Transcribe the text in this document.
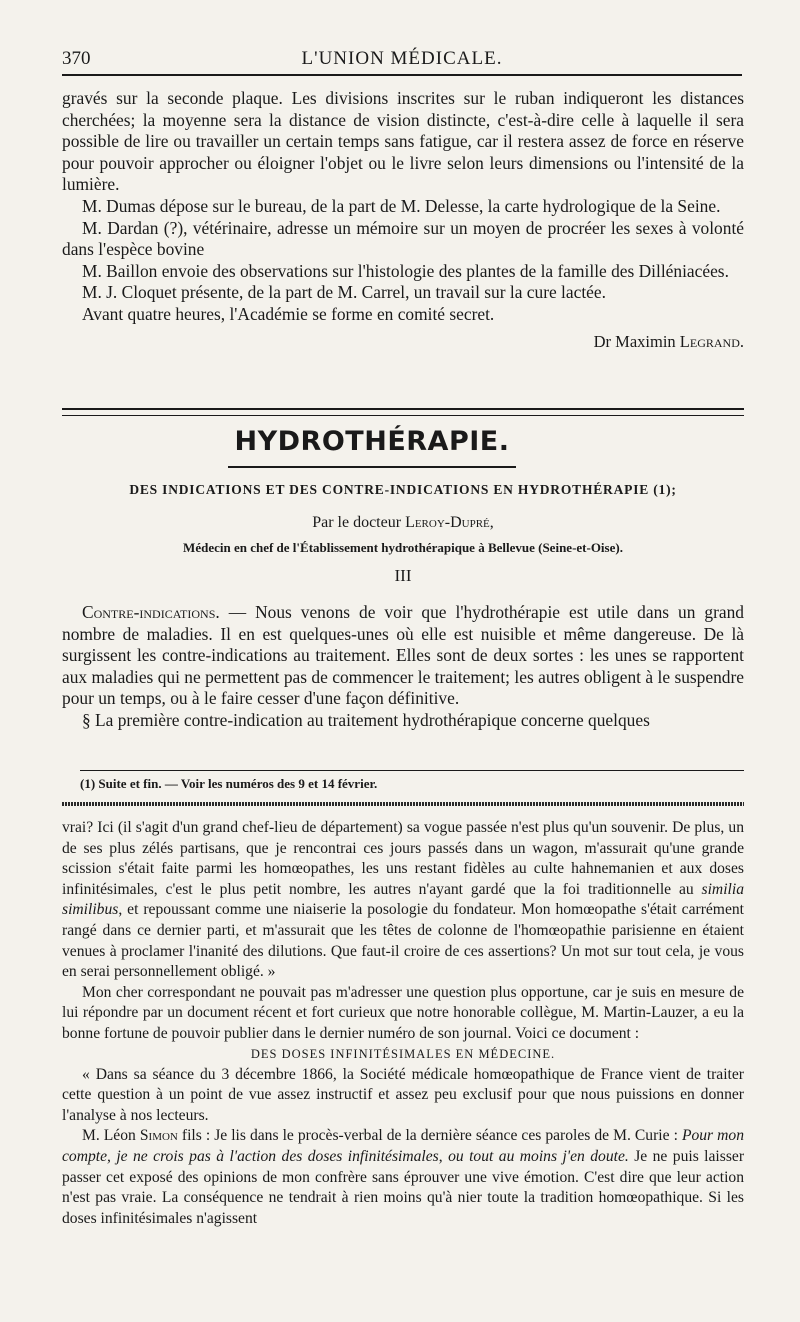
370	L'UNION MÉDICALE.

gravés sur la seconde plaque. Les divisions inscrites sur le ruban indiqueront les distances cherchées; la moyenne sera la distance de vision distincte, c'est-à-dire celle à laquelle il sera possible de lire ou travailler un certain temps sans fatigue, car il restera assez de force en réserve pour pouvoir approcher ou éloigner l'objet ou le livre selon leurs dimensions ou l'intensité de la lumière.

M. Dumas dépose sur le bureau, de la part de M. Delesse, la carte hydrologique de la Seine.

M. Dardan (?), vétérinaire, adresse un mémoire sur un moyen de procréer les sexes à volonté dans l'espèce bovine

M. Baillon envoie des observations sur l'histologie des plantes de la famille des Dilléniacées.

M. J. Cloquet présente, de la part de M. Carrel, un travail sur la cure lactée.

Avant quatre heures, l'Académie se forme en comité secret.

Dr Maximin Legrand.
HYDROTHÉRAPIE.
DES INDICATIONS ET DES CONTRE-INDICATIONS EN HYDROTHÉRAPIE (1);
Par le docteur Leroy-Dupré,
Médecin en chef de l'Établissement hydrothérapique à Bellevue (Seine-et-Oise).
III

Contre-indications. — Nous venons de voir que l'hydrothérapie est utile dans un grand nombre de maladies. Il en est quelques-unes où elle est nuisible et même dangereuse. De là surgissent les contre-indications au traitement. Elles sont de deux sortes : les unes se rapportent aux maladies qui ne permettent pas de commencer le traitement; les autres obligent à le suspendre pour un temps, ou à le faire cesser d'une façon définitive.

§ La première contre-indication au traitement hydrothérapique concerne quelques

(1) Suite et fin. — Voir les numéros des 9 et 14 février.

vrai? Ici (il s'agit d'un grand chef-lieu de département) sa vogue passée n'est plus qu'un souvenir. De plus, un de ses plus zélés partisans, que je rencontrai ces jours passés dans un wagon, m'assurait qu'une grande scission s'était faite parmi les homœopathes, les uns restant fidèles au culte hahnemanien et aux doses infinitésimales, c'est le plus petit nombre, les autres n'ayant gardé que la foi traditionnelle au similia similibus, et repoussant comme une niaiserie la posologie du fondateur. Mon homœopathe s'était carrément rangé dans ce dernier parti, et m'assurait que les têtes de colonne de l'homœopathie parisienne en étaient venues à proclamer l'inanité des dilutions. Que faut-il croire de ces assertions? Un mot sur tout cela, je vous en serai personnellement obligé. »

Mon cher correspondant ne pouvait pas m'adresser une question plus opportune, car je suis en mesure de lui répondre par un document récent et fort curieux que notre honorable collègue, M. Martin-Lauzer, a eu la bonne fortune de pouvoir publier dans le dernier numéro de son journal. Voici ce document :

DES DOSES INFINITÉSIMALES EN MÉDECINE.

« Dans sa séance du 3 décembre 1866, la Société médicale homœopathique de France vient de traiter cette question à un point de vue assez instructif et assez peu exclusif pour que nous puissions en donner l'analyse à nos lecteurs.

M. Léon Simon fils : Je lis dans le procès-verbal de la dernière séance ces paroles de M. Curie : Pour mon compte, je ne crois pas à l'action des doses infinitésimales, ou tout au moins j'en doute. Je ne puis laisser passer cet exposé des opinions de mon confrère sans éprouver une vive émotion. C'est dire que leur action n'est pas vraie. La conséquence ne tendrait à rien moins qu'à nier toute la tradition homœopathique. Si les doses infinitésimales n'agissent
